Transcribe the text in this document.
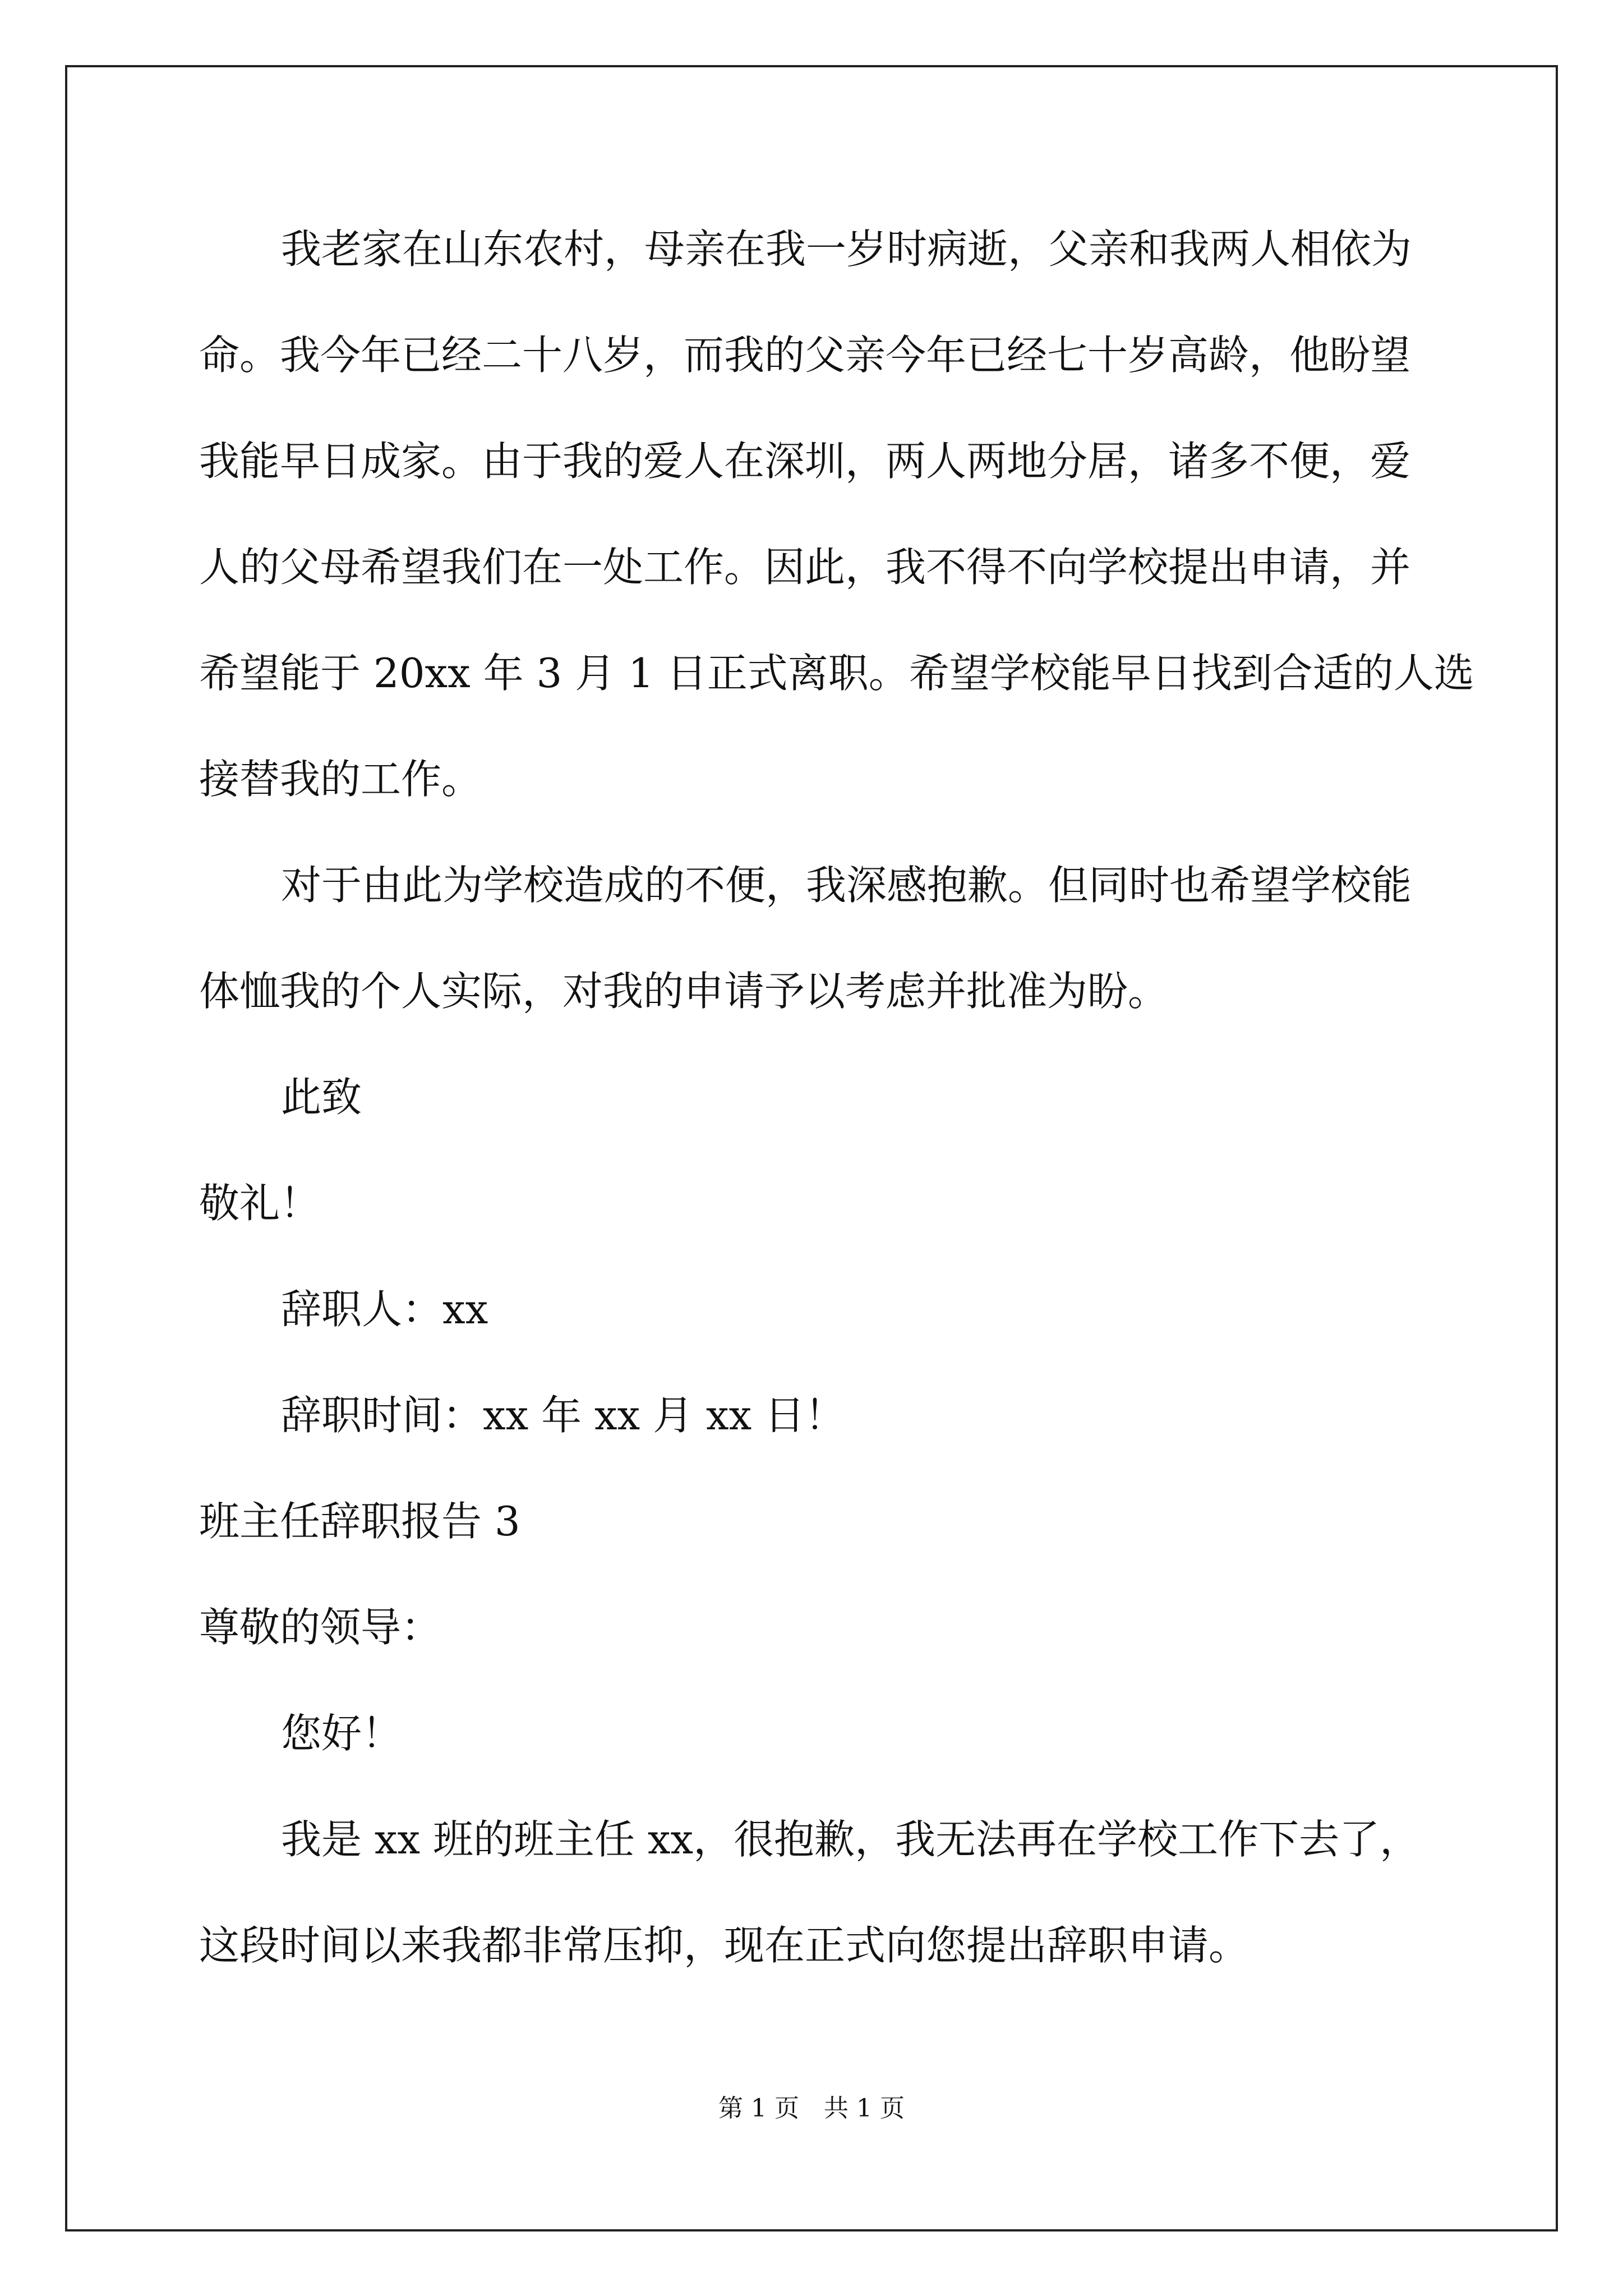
我老家在山东农村，母亲在我一岁时病逝，父亲和我两人相依为
命。我今年已经二十八岁，而我的父亲今年已经七十岁高龄，他盼望
我能早日成家。由于我的爱人在深圳，两人两地分居，诸多不便，爱
人的父母希望我们在一处工作。因此，我不得不向学校提出申请，并
希望能于 20xx 年 3 月 1 日正式离职。希望学校能早日找到合适的人选
接替我的工作。
对于由此为学校造成的不便，我深感抱歉。但同时也希望学校能
体恤我的个人实际，对我的申请予以考虑并批准为盼。
此致
敬礼！
辞职人：xx
辞职时间：xx 年 xx 月 xx 日！
班主任辞职报告 3
尊敬的领导：
您好！
我是 xx 班的班主任 xx，很抱歉，我无法再在学校工作下去了，
这段时间以来我都非常压抑，现在正式向您提出辞职申请。
第 1 页　共 1 页
